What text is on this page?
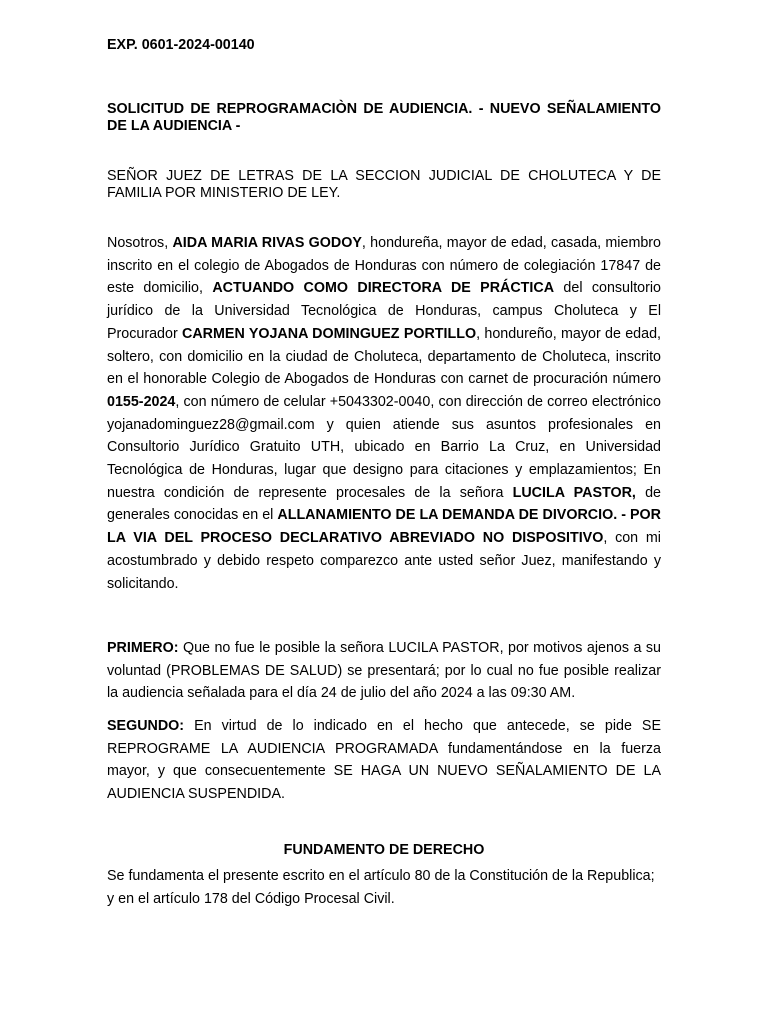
EXP. 0601-2024-00140
SOLICITUD DE REPROGRAMACIÒN DE AUDIENCIA. - NUEVO SEÑALAMIENTO DE LA AUDIENCIA -
SEÑOR JUEZ DE LETRAS DE LA SECCION JUDICIAL DE CHOLUTECA Y DE FAMILIA POR MINISTERIO DE LEY.

Nosotros, AIDA MARIA RIVAS GODOY, hondureña, mayor de edad, casada, miembro inscrito en el colegio de Abogados de Honduras con número de colegiación 17847 de este domicilio, ACTUANDO COMO DIRECTORA DE PRÁCTICA del consultorio jurídico de la Universidad Tecnológica de Honduras, campus Choluteca y El Procurador CARMEN YOJANA DOMINGUEZ PORTILLO, hondureño, mayor de edad, soltero, con domicilio en la ciudad de Choluteca, departamento de Choluteca, inscrito en el honorable Colegio de Abogados de Honduras con carnet de procuración número 0155-2024, con número de celular +5043302-0040, con dirección de correo electrónico yojanadominguez28@gmail.com y quien atiende sus asuntos profesionales en Consultorio Jurídico Gratuito UTH, ubicado en Barrio La Cruz, en Universidad Tecnológica de Honduras, lugar que designo para citaciones y emplazamientos; En nuestra condición de represente procesales de la señora LUCILA PASTOR, de generales conocidas en el ALLANAMIENTO DE LA DEMANDA DE DIVORCIO. - POR LA VIA DEL PROCESO DECLARATIVO ABREVIADO NO DISPOSITIVO, con mi acostumbrado y debido respeto comparezco ante usted señor Juez, manifestando y solicitando.

PRIMERO: Que no fue le posible la señora LUCILA PASTOR, por motivos ajenos a su voluntad (PROBLEMAS DE SALUD) se presentará; por lo cual no fue posible realizar la audiencia señalada para el día 24 de julio del año 2024 a las 09:30 AM.

SEGUNDO: En virtud de lo indicado en el hecho que antecede, se pide SE REPROGRAME LA AUDIENCIA PROGRAMADA fundamentándose en la fuerza mayor, y que consecuentemente SE HAGA UN NUEVO SEÑALAMIENTO DE LA AUDIENCIA SUSPENDIDA.

FUNDAMENTO DE DERECHO

Se fundamenta el presente escrito en el artículo 80 de la Constitución de la Republica; y en el artículo 178 del Código Procesal Civil.
